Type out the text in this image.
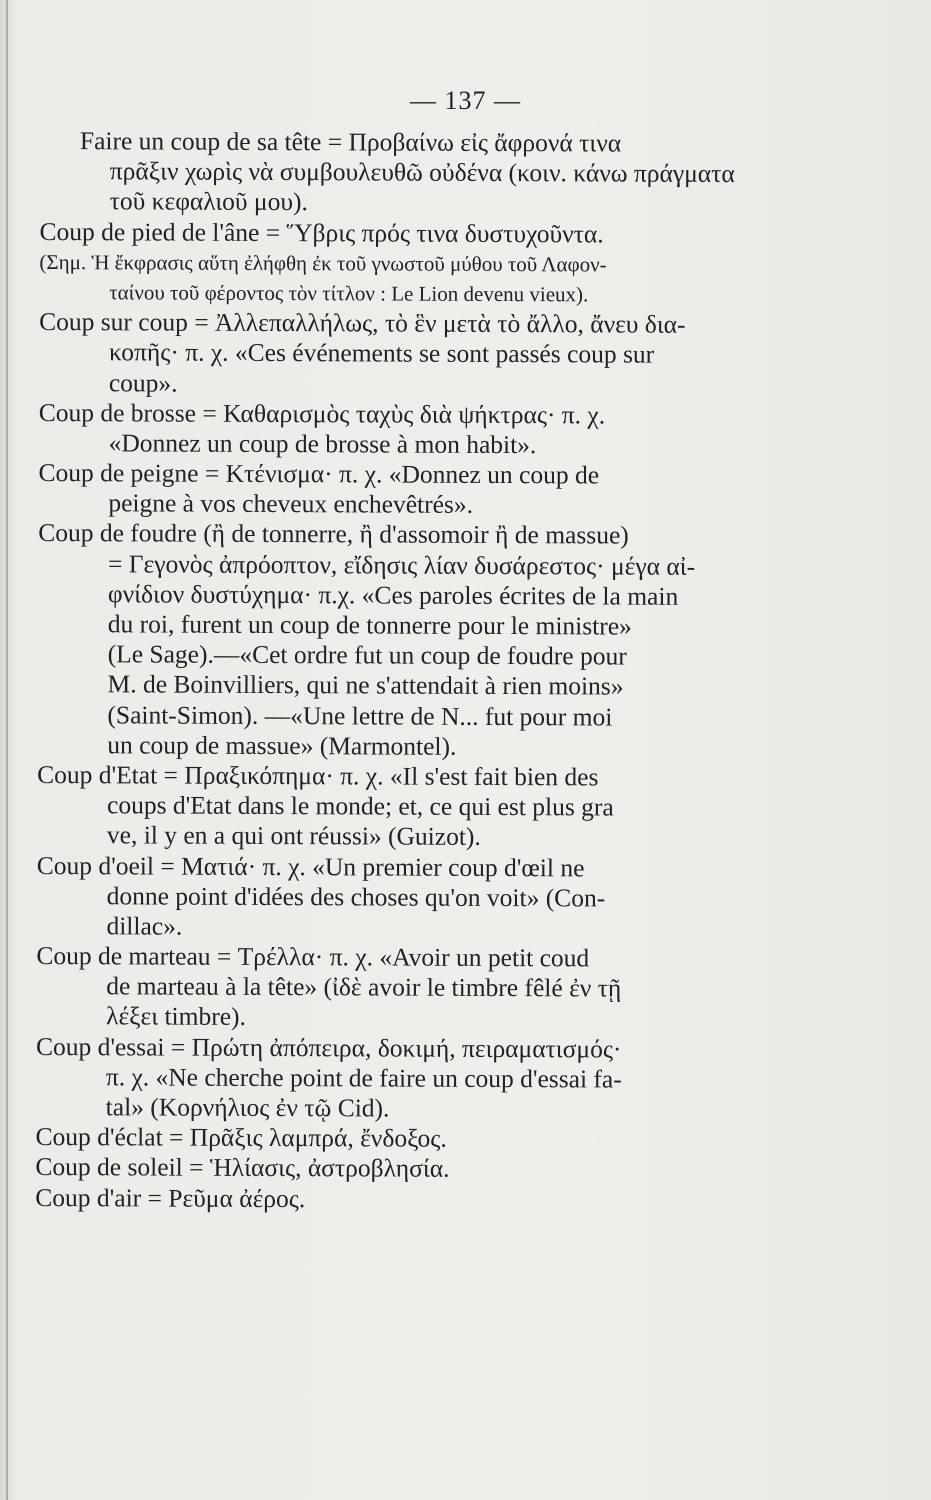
— 137 —
Faire un coup de sa tête = Προβαίνω εἰς ἄφρονά τινα
πρᾶξιν χωρὶς νὰ συμβουλευθῶ οὐδένα (κοιν. κάνω πράγματα
τοῦ κεφαλιοῦ μου).
Coup de pied de l'âne = Ὕβρις πρός τινα δυστυχοῦντα.
(Σημ. Ἡ ἔκφρασις αὕτη ἐλήφθη ἐκ τοῦ γνωστοῦ μύθου τοῦ Λαφον-
ταίνου τοῦ φέροντος τὸν τίτλον : Le Lion devenu vieux).
Coup sur coup = Ἀλλεπαλλήλως, τὸ ἓν μετὰ τὸ ἄλλο, ἄνευ δια-
κοπῆς· π. χ. «Ces événements se sont passés coup sur
coup».
Coup de brosse = Καθαρισμὸς ταχὺς διὰ ψήκτρας· π. χ.
«Donnez un coup de brosse à mon habit».
Coup de peigne = Κτένισμα· π. χ. «Donnez un coup de
peigne à vos cheveux enchevêtrés».
Coup de foudre (ἢ de tonnerre, ἢ d'assomoir ἢ de massue)
= Γεγονὸς ἀπρόοπτον, εἴδησις λίαν δυσάρεστος· μέγα αἰ-
φνίδιον δυστύχημα· π.χ. «Ces paroles écrites de la main
du roi, furent un coup de tonnerre pour le ministre»
(Le Sage).—«Cet ordre fut un coup de foudre pour
M. de Boinvilliers, qui ne s'attendait à rien moins»
(Saint-Simon). —«Une lettre de N... fut pour moi
un coup de massue» (Marmontel).
Coup d'Etat = Πραξικόπημα· π. χ. «Il s'est fait bien des
coups d'Etat dans le monde; et, ce qui est plus gra
ve, il y en a qui ont réussi» (Guizot).
Coup d'oeil = Ματιά· π. χ. «Un premier coup d'œil ne
donne point d'idées des choses qu'on voit» (Con-
dillac».
Coup de marteau = Τρέλλα· π. χ. «Avoir un petit coud
de marteau à la tête» (ἰδὲ avoir le timbre fêlé ἐν τῇ
λέξει timbre).
Coup d'essai = Πρώτη ἀπόπειρα, δοκιμή, πειραματισμός·
π. χ. «Ne cherche point de faire un coup d'essai fa-
tal» (Κορνήλιος ἐν τῷ Cid).
Coup d'éclat = Πρᾶξις λαμπρά, ἔνδοξος.
Coup de soleil = Ἡλίασις, ἀστροβλησία.
Coup d'air = Ρεῦμα ἀέρος.
